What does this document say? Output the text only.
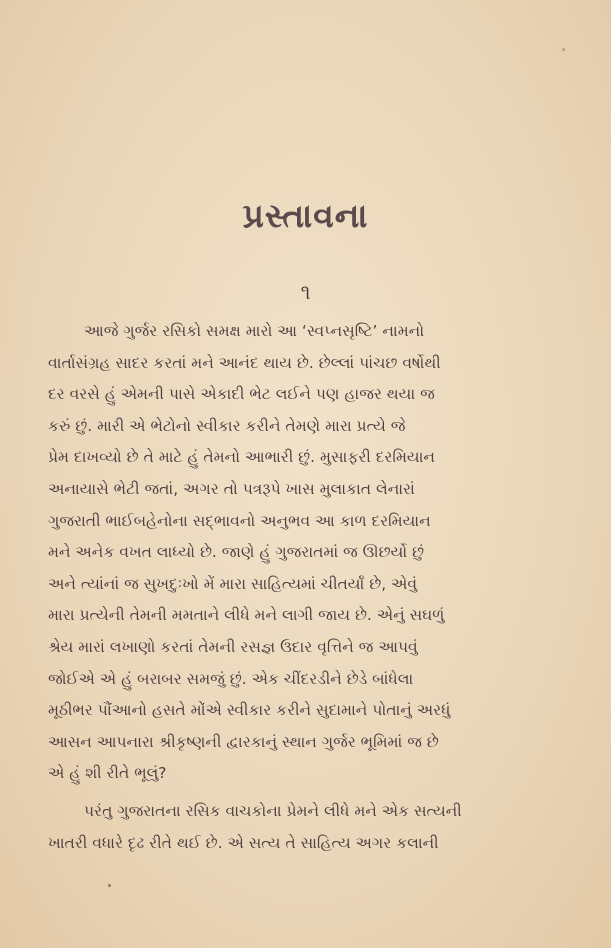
પ્રસ્તાવના
૧
આજે ગુર્જર રસિકો સમક્ષ મારો આ ‘સ્વપ્નસૃષ્ટિ’ નામનો
વાર્તાસંગ્રહ સાદર કરતાં મને આનંદ થાય છે. છેલ્લાં પાંચછ વર્ષોથી
દર વરસે હું એમની પાસે એકાદી ભેટ લઈને પણ હાજર થયા જ
કરું છું. મારી એ ભેટોનો સ્વીકાર કરીને તેમણે મારા પ્રત્યે જે
પ્રેમ દાખવ્યો છે તે માટે હું તેમનો આભારી છું. મુસાફરી દરમિયાન
અનાયાસે ભેટી જતાં, અગર તો પત્રરૂપે ખાસ મુલાકાત લેનારાં
ગુજરાતી ભાઈબહેનોના સદ્ભાવનો અનુભવ આ કાળ દરમિયાન
મને અનેક વખત લાધ્યો છે. જાણે હું ગુજરાતમાં જ ઊછર્યો છું
અને ત્યાંનાં જ સુખદુઃખો મેં મારા સાહિત્યમાં ચીતર્યાં છે, એવું
મારા પ્રત્યેની તેમની મમતાને લીધે મને લાગી જાય છે. એનું સઘળું
શ્રેય મારાં લખાણો કરતાં તેમની રસજ્ઞ ઉદાર વૃત્તિને જ આપવું
જોઈએ એ હું બરાબર સમજું છું. એક ચીંદરડીને છેડે બાંધેલા
મૂઠીભર પૌંઆનો હસતે મોંએ સ્વીકાર કરીને સુદામાને પોતાનું અરધું
આસન આપનારા શ્રીકૃષ્ણની દ્વારકાનું સ્થાન ગુર્જર ભૂમિમાં જ છે
એ હું શી રીતે ભૂલું?
પરંતુ ગુજરાતના રસિક વાચકોના પ્રેમને લીધે મને એક સત્યની
ખાતરી વધારે દૃઢ રીતે થઈ છે. એ સત્ય તે સાહિત્ય અગર કલાની
